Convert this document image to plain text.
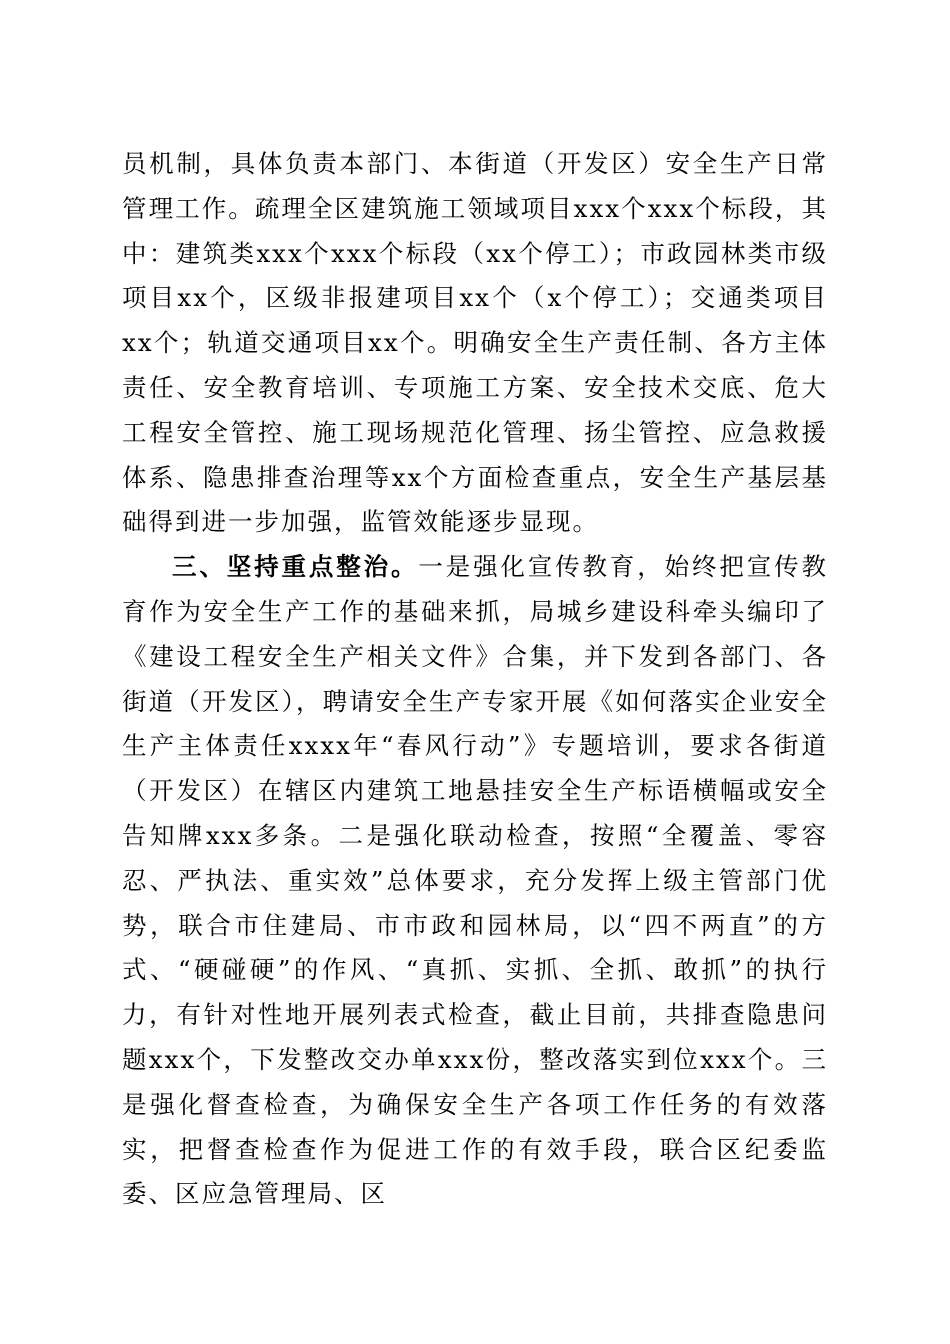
员机制，具体负责本部门、本街道（开发区）安全生产日常管理工作。疏理全区建筑施工领域项目xxx个xxx个标段，其中：建筑类xxx个xxx个标段（xx个停工）；市政园林类市级项目xx个，区级非报建项目xx个（x个停工）；交通类项目xx个；轨道交通项目xx个。明确安全生产责任制、各方主体责任、安全教育培训、专项施工方案、安全技术交底、危大工程安全管控、施工现场规范化管理、扬尘管控、应急救援体系、隐患排查治理等xx个方面检查重点，安全生产基层基础得到进一步加强，监管效能逐步显现。

三、坚持重点整治。一是强化宣传教育，始终把宣传教育作为安全生产工作的基础来抓，局城乡建设科牵头编印了《建设工程安全生产相关文件》合集，并下发到各部门、各街道（开发区），聘请安全生产专家开展《如何落实企业安全生产主体责任xxxx年“春风行动”》专题培训，要求各街道（开发区）在辖区内建筑工地悬挂安全生产标语横幅或安全告知牌xxx多条。二是强化联动检查，按照“全覆盖、零容忍、严执法、重实效”总体要求，充分发挥上级主管部门优势，联合市住建局、市市政和园林局，以“四不两直”的方式、“硬碰硬”的作风、“真抓、实抓、全抓、敢抓”的执行力，有针对性地开展列表式检查，截止目前，共排查隐患问题xxx个，下发整改交办单xxx份，整改落实到位xxx个。三是强化督查检查，为确保安全生产各项工作任务的有效落实，把督查检查作为促进工作的有效手段，联合区纪委监委、区应急管理局、区
